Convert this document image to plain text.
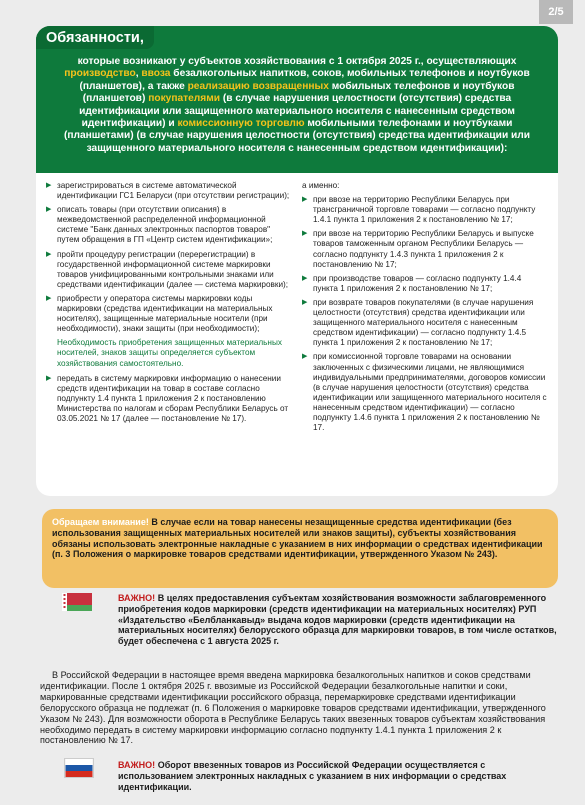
2/5
Обязанности,
которые возникают у субъектов хозяйствования с 1 октября 2025 г., осуществляющих производство, ввоза безалкогольных напитков, соков, мобильных телефонов и ноутбуков (планшетов), а также реализацию возвращенных мобильных телефонов и ноутбуков (планшетов) покупателями (в случае нарушения целостности (отсутствия) средства идентификации или защищенного материального носителя с нанесенным средством идентификации) и комиссионную торговлю мобильными телефонами и ноутбуками (планшетами) (в случае нарушения целостности (отсутствия) средства идентификации или защищенного материального носителя с нанесенным средством идентификации):
▶ зарегистрироваться в системе автоматической идентификации ГС1 Беларуси (при отсутствии регистрации);
▶ описать товары (при отсутствии описания) в межведомственной распределенной информационной системе "Банк данных электронных паспортов товаров" путем обращения в ГП «Центр систем идентификации»;
▶ пройти процедуру регистрации (перерегистрации) в государственной информационной системе маркировки товаров унифицированными контрольными знаками или средствами идентификации (далее — система маркировки);
▶ приобрести у оператора системы маркировки коды маркировки (средства идентификации на материальных носителях), защищенные материальные носители (при необходимости), знаки защиты (при необходимости);
Необходимость приобретения защищенных материальных носителей, знаков защиты определяется субъектом хозяйствования самостоятельно.
▶ передать в систему маркировки информацию о нанесении средств идентификации на товар в составе согласно подпункту 1.4 пункта 1 приложения 2 к постановлению Министерства по налогам и сборам Республики Беларусь от 03.05.2021 № 17 (далее — постановление № 17).
а именно:
▶ при ввозе на территорию Республики Беларусь при трансграничной торговле товарами — согласно подпункту 1.4.1 пункта 1 приложения 2 к постановлению № 17;
▶ при ввозе на территорию Республики Беларусь и выпуске товаров таможенным органом Республики Беларусь — согласно подпункту 1.4.3 пункта 1 приложения 2 к постановлению № 17;
▶ при производстве товаров — согласно подпункту 1.4.4 пункта 1 приложения 2 к постановлению № 17;
▶ при возврате товаров покупателями (в случае нарушения целостности (отсутствия) средства идентификации или защищенного материального носителя с нанесенным средством идентификации) — согласно подпункту 1.4.5 пункта 1 приложения 2 к постановлению № 17;
▶ при комиссионной торговле товарами на основании заключенных с физическими лицами, не являющимися индивидуальными предпринимателями, договоров комиссии (в случае нарушения целостности (отсутствия) средства идентификации или защищенного материального носителя с нанесенным средством идентификации) — согласно подпункту 1.4.6 пункта 1 приложения 2 к постановлению № 17.
Обращаем внимание! В случае если на товар нанесены незащищенные средства идентификации (без использования защищенных материальных носителей или знаков защиты), субъекты хозяйствования обязаны использовать электронные накладные с указанием в них информации о средствах идентификации (п. 3 Положения о маркировке товаров средствами идентификации, утвержденного Указом № 243).
ВАЖНО! В целях предоставления субъектам хозяйствования возможности заблаговременного приобретения кодов маркировки (средств идентификации на материальных носителях) РУП «Издательство «Белбланкавыд» выдача кодов маркировки (средств идентификации на материальных носителях) белорусского образца для маркировки товаров, в том числе остатков, будет обеспечена с 1 августа 2025 г.
В Российской Федерации в настоящее время введена маркировка безалкогольных напитков и соков средствами идентификации. После 1 октября 2025 г. ввозимые из Российской Федерации безалкогольные напитки и соки, маркированные средствами идентификации российского образца, перемаркировке средствами идентификации белорусского образца не подлежат (п. 6 Положения о маркировке товаров средствами идентификации, утвержденного Указом № 243). Для возможности оборота в Республике Беларусь таких ввезенных товаров субъектам хозяйствования необходимо передать в систему маркировки информацию согласно подпункту 1.4.1 пункта 1 приложения 2 к постановлению № 17.
ВАЖНО! Оборот ввезенных товаров из Российской Федерации осуществляется с использованием электронных накладных с указанием в них информации о средствах идентификации.
